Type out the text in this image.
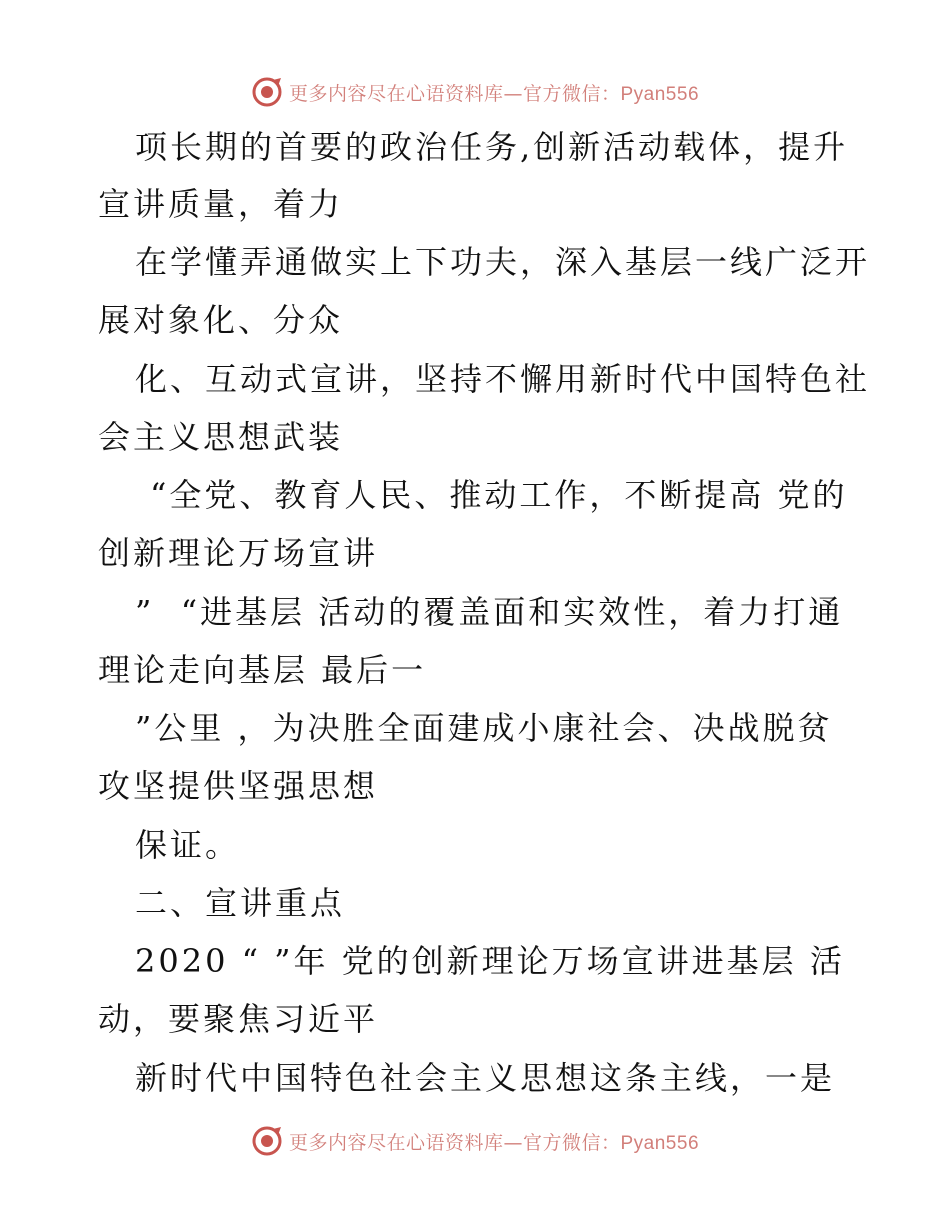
更多内容尽在心语资料库—官方微信：Pyan556
项长期的首要的政治任务,创新活动载体，提升
宣讲质量，着力
在学懂弄通做实上下功夫，深入基层一线广泛开
展对象化、分众
化、互动式宣讲，坚持不懈用新时代中国特色社
会主义思想武装
“全党、教育人民、推动工作，不断提高 党的
创新理论万场宣讲
”  “进基层 活动的覆盖面和实效性，着力打通
理论走向基层 最后一
”公里 ，为决胜全面建成小康社会、决战脱贫
攻坚提供坚强思想
保证。
二、宣讲重点
2020 “ ”年 党的创新理论万场宣讲进基层 活
动，要聚焦习近平
新时代中国特色社会主义思想这条主线，一是
更多内容尽在心语资料库—官方微信：Pyan556
